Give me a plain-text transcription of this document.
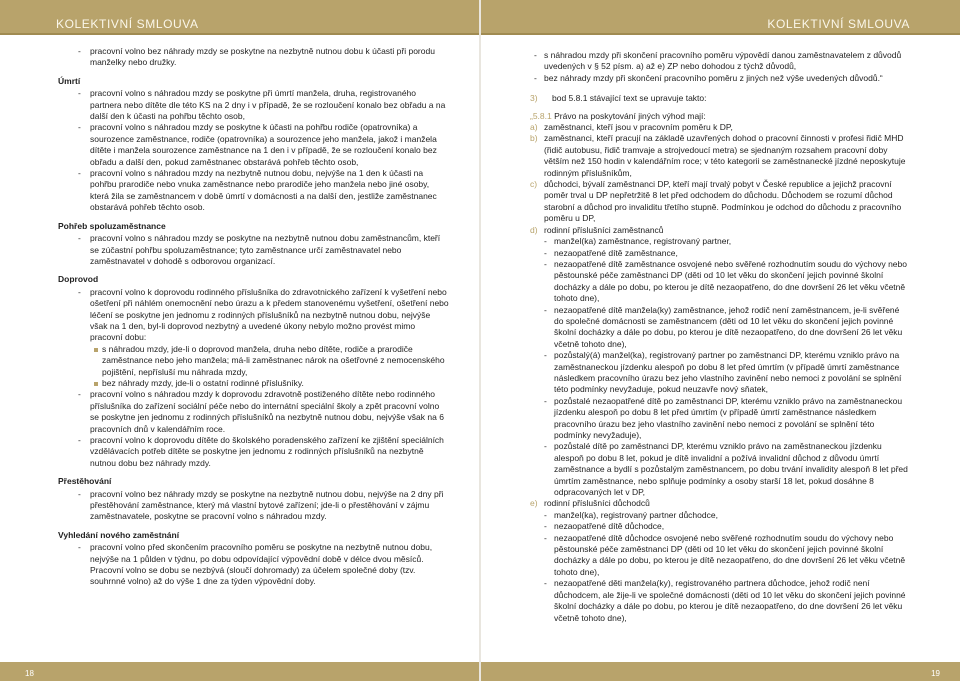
KOLEKTIVNÍ SMLOUVA
- pracovní volno bez náhrady mzdy se poskytne na nezbytně nutnou dobu k účasti při porodu manželky nebo družky.
Úmrtí
- pracovní volno s náhradou mzdy se poskytne při úmrtí manžela, druha, registrovaného partnera nebo dítěte dle této KS na 2 dny i v případě, že se rozloučení konalo bez obřadu a na další den k účasti na pohřbu těchto osob,
- pracovní volno s náhradou mzdy se poskytne k účasti na pohřbu rodiče (opatrovníka) a sourozence zaměstnance, rodiče (opatrovníka) a sourozence jeho manžela, jakož i manžela dítěte i manžela sourozence zaměstnance na 1 den i v případě, že se rozloučení konalo bez obřadu a další den, pokud zaměstnanec obstarává pohřeb těchto osob,
- pracovní volno s náhradou mzdy na nezbytně nutnou dobu, nejvýše na 1 den k účasti na pohřbu prarodiče nebo vnuka zaměstnance nebo prarodiče jeho manžela nebo jiné osoby, která žila se zaměstnancem v době úmrtí v domácnosti a na další den, jestliže zaměstnanec obstarává pohřeb těchto osob.
Pohřeb spoluzaměstnance
- pracovní volno s náhradou mzdy se poskytne na nezbytně nutnou dobu zaměstnancům, kteří se zúčastní pohřbu spoluzaměstnance; tyto zaměstnance určí zaměstnavatel nebo zaměstnavatel v dohodě s odborovou organizací.
Doprovod
- pracovní volno k doprovodu rodinného příslušníka do zdravotnického zařízení k vyšetření nebo ošetření při náhlém onemocnění nebo úrazu a k předem stanovenému vyšetření, ošetření nebo léčení se poskytne jen jednomu z rodinných příslušníků na nezbytně nutnou dobu, nejvýše však na 1 den, byl-li doprovod nezbytný a uvedené úkony nebylo možno provést mimo pracovní dobu:
s náhradou mzdy, jde-li o doprovod manžela, druha nebo dítěte, rodiče a prarodiče zaměstnance nebo jeho manžela; má-li zaměstnanec nárok na ošetřovné z nemocenského pojištění, nepřísluší mu náhrada mzdy,
bez náhrady mzdy, jde-li o ostatní rodinné příslušníky.
- pracovní volno s náhradou mzdy k doprovodu zdravotně postiženého dítěte nebo rodinného příslušníka do zařízení sociální péče nebo do internátní speciální školy a zpět pracovní volno se poskytne jen jednomu z rodinných příslušníků na nezbytně nutnou dobu, nejvýše však na 6 pracovních dnů v kalendářním roce.
- pracovní volno k doprovodu dítěte do školského poradenského zařízení ke zjištění speciálních vzdělávacích potřeb dítěte se poskytne jen jednomu z rodinných příslušníků na nezbytně nutnou dobu bez náhrady mzdy.
Přestěhování
- pracovní volno bez náhrady mzdy se poskytne na nezbytně nutnou dobu, nejvýše na 2 dny při přestěhování zaměstnance, který má vlastní bytové zařízení; jde-li o přestěhování v zájmu zaměstnavatele, poskytne se pracovní volno s náhradou mzdy.
Vyhledání nového zaměstnání
- pracovní volno před skončením pracovního poměru se poskytne na nezbytně nutnou dobu, nejvýše na 1 půlden v týdnu, po dobu odpovídající výpovědní době v délce dvou měsíců. Pracovní volno se dobu se nezbývá (sloučí dohromady) za účelem společné doby (tzv. souhrnné volno) až do výše 1 dne za týden výpovědní doby.
18
KOLEKTIVNÍ SMLOUVA
19
- s náhradou mzdy při skončení pracovního poměru výpovědí danou zaměstnavatelem z důvodů uvedených v § 52 písm. a) až e) ZP nebo dohodou z týchž důvodů,
- bez náhrady mzdy při skončení pracovního poměru z jiných než výše uvedených důvodů.“
3) bod 5.8.1 stávající text se upravuje takto:
„5.8.1 Právo na poskytování jiných výhod mají:
a) zaměstnanci, kteří jsou v pracovním poměru k DP,
b) zaměstnanci, kteří pracují na základě uzavřených dohod o pracovní činnosti v profesi řidič MHD (řidič autobusu, řidič tramvaje a strojvedoucí metra) se sjednaným rozsahem pracovní doby větším než 150 hodin v kalendářním roce; v této kategorii se zaměstnanecké jízdné neposkytuje rodinným příslušníkům,
c) důchodci, bývalí zaměstnanci DP, kteří mají trvalý pobyt v České republice a jejichž pracovní poměr trval u DP nepřetržitě 8 let před odchodem do důchodu. Důchodem se rozumí důchod starobní a důchod pro invaliditu třetího stupně. Podmínkou je odchod do důchodu z pracovního poměru u DP,
d) rodinní příslušníci zaměstnanců
- manžel(ka) zaměstnance, registrovaný partner,
- nezaopatřené dítě zaměstnance,
- nezaopatřené dítě zaměstnance osvojené nebo svěřené rozhodnutím soudu do výchovy nebo pěstounské péče zaměstnanci DP (děti od 10 let věku do skončení jejich povinné školní docházky a dále po dobu, po kterou je dítě nezaopatřeno, do dne dovršení 26 let věku včetně tohoto dne),
- nezaopatřené dítě manžela(ky) zaměstnance, jehož rodič není zaměstnancem, je-li svěřené do společné domácnosti se zaměstnancem (děti od 10 let věku do skončení jejich povinné školní docházky a dále po dobu, po kterou je dítě nezaopatřeno, do dne dovršení 26 let věku včetně tohoto dne),
- pozůstalý(á) manžel(ka), registrovaný partner po zaměstnanci DP, kterému vzniklo právo na zaměstnaneckou jízdenku alespoň po dobu 8 let před úmrtím (v případě úmrtí zaměstnance následkem pracovního úrazu bez jeho vlastního zavinění nebo nemoci z povolání se splnění této podmínky nevyžaduje, pokud neuzavře nový sňatek,
- pozůstalé nezaopatřené dítě po zaměstnanci DP, kterému vzniklo právo na zaměstnaneckou jízdenku alespoň po dobu 8 let před úmrtím (v případě úmrtí zaměstnance následkem pracovního úrazu bez jeho vlastního zavinění nebo nemoci z povolání se splnění této podmínky nevyžaduje),
- pozůstalé dítě po zaměstnanci DP, kterému vzniklo právo na zaměstnaneckou jízdenku alespoň po dobu 8 let, pokud je dítě invalidní a požívá invalidní důchod z důvodu úmrtí zaměstnance a bydlí s pozůstalým zaměstnancem, po dobu trvání invalidity alespoň 8 let před úmrtím zaměstnance, nebo splňuje podmínky a osoby starší 18 let, pokud dosáhne 8 odpracovaných let v DP,
e) rodinní příslušníci důchodců
- manžel(ka), registrovaný partner důchodce,
- nezaopatřené dítě důchodce,
- nezaopatřené dítě důchodce osvojené nebo svěřené rozhodnutím soudu do výchovy nebo pěstounské péče zaměstnanci DP (děti od 10 let věku do skončení jejich povinné školní docházky a dále po dobu, po kterou je dítě nezaopatřeno, do dne dovršení 26 let věku včetně tohoto dne),
- nezaopatřené děti manžela(ky), registrovaného partnera důchodce, jehož rodič není důchodcem, ale žije-li ve společné domácnosti (děti od 10 let věku do skončení jejich povinné školní docházky a dále po dobu, po kterou je dítě nezaopatřeno, do dne dovršení 26 let věku včetně tohoto dne),
